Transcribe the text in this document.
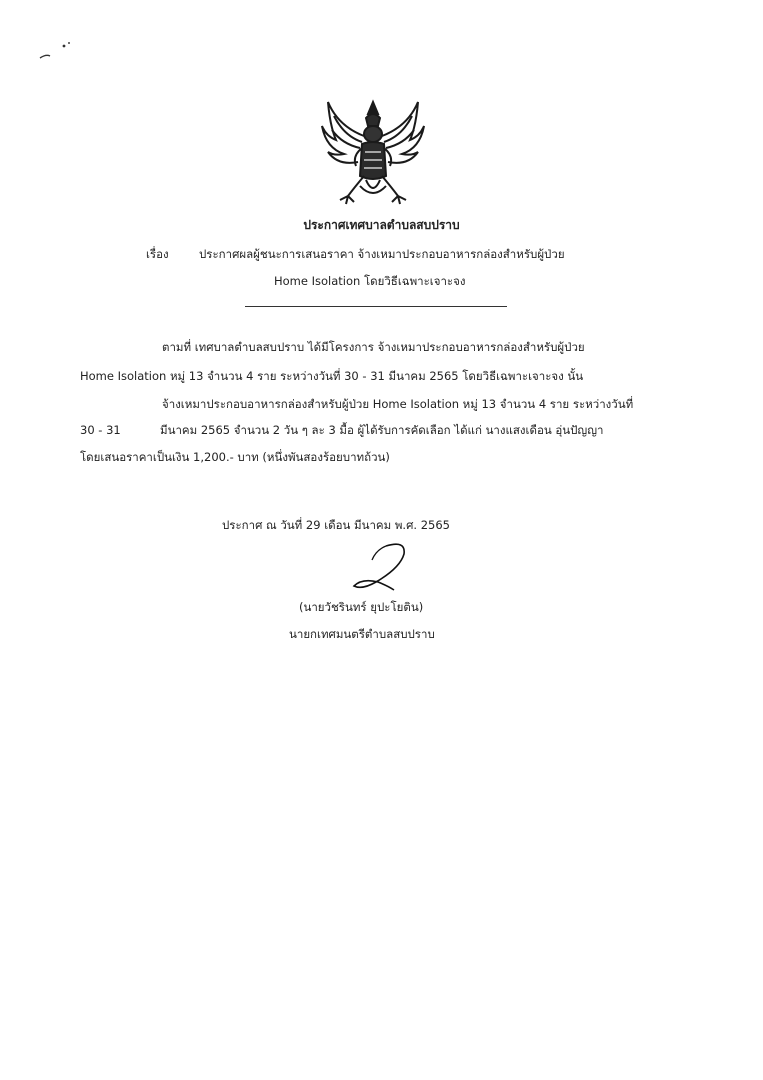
ประกาศเทศบาลตำบลสบปราบ
เรื่อง	ประกาศผลผู้ชนะการเสนอราคา จ้างเหมาประกอบอาหารกล่องสำหรับผู้ป่วย
Home Isolation โดยวิธีเฉพาะเจาะจง
ตามที่ เทศบาลตำบลสบปราบ ได้มีโครงการ จ้างเหมาประกอบอาหารกล่องสำหรับผู้ป่วย
Home Isolation หมู่ 13 จำนวน 4 ราย ระหว่างวันที่ 30 - 31 มีนาคม 2565 โดยวิธีเฉพาะเจาะจง นั้น
จ้างเหมาประกอบอาหารกล่องสำหรับผู้ป่วย Home Isolation หมู่ 13 จำนวน 4 ราย ระหว่างวันที่
30 - 31	มีนาคม 2565 จำนวน 2 วัน ๆ ละ 3 มื้อ ผู้ได้รับการคัดเลือก ได้แก่ นางแสงเดือน อุ่นปัญญา
โดยเสนอราคาเป็นเงิน 1,200.- บาท (หนึ่งพันสองร้อยบาทถ้วน)
ประกาศ ณ วันที่ 29 เดือน มีนาคม พ.ศ. 2565
(นายวัชรินทร์ ยุปะโยติน)
นายกเทศมนตรีตำบลสบปราบ
